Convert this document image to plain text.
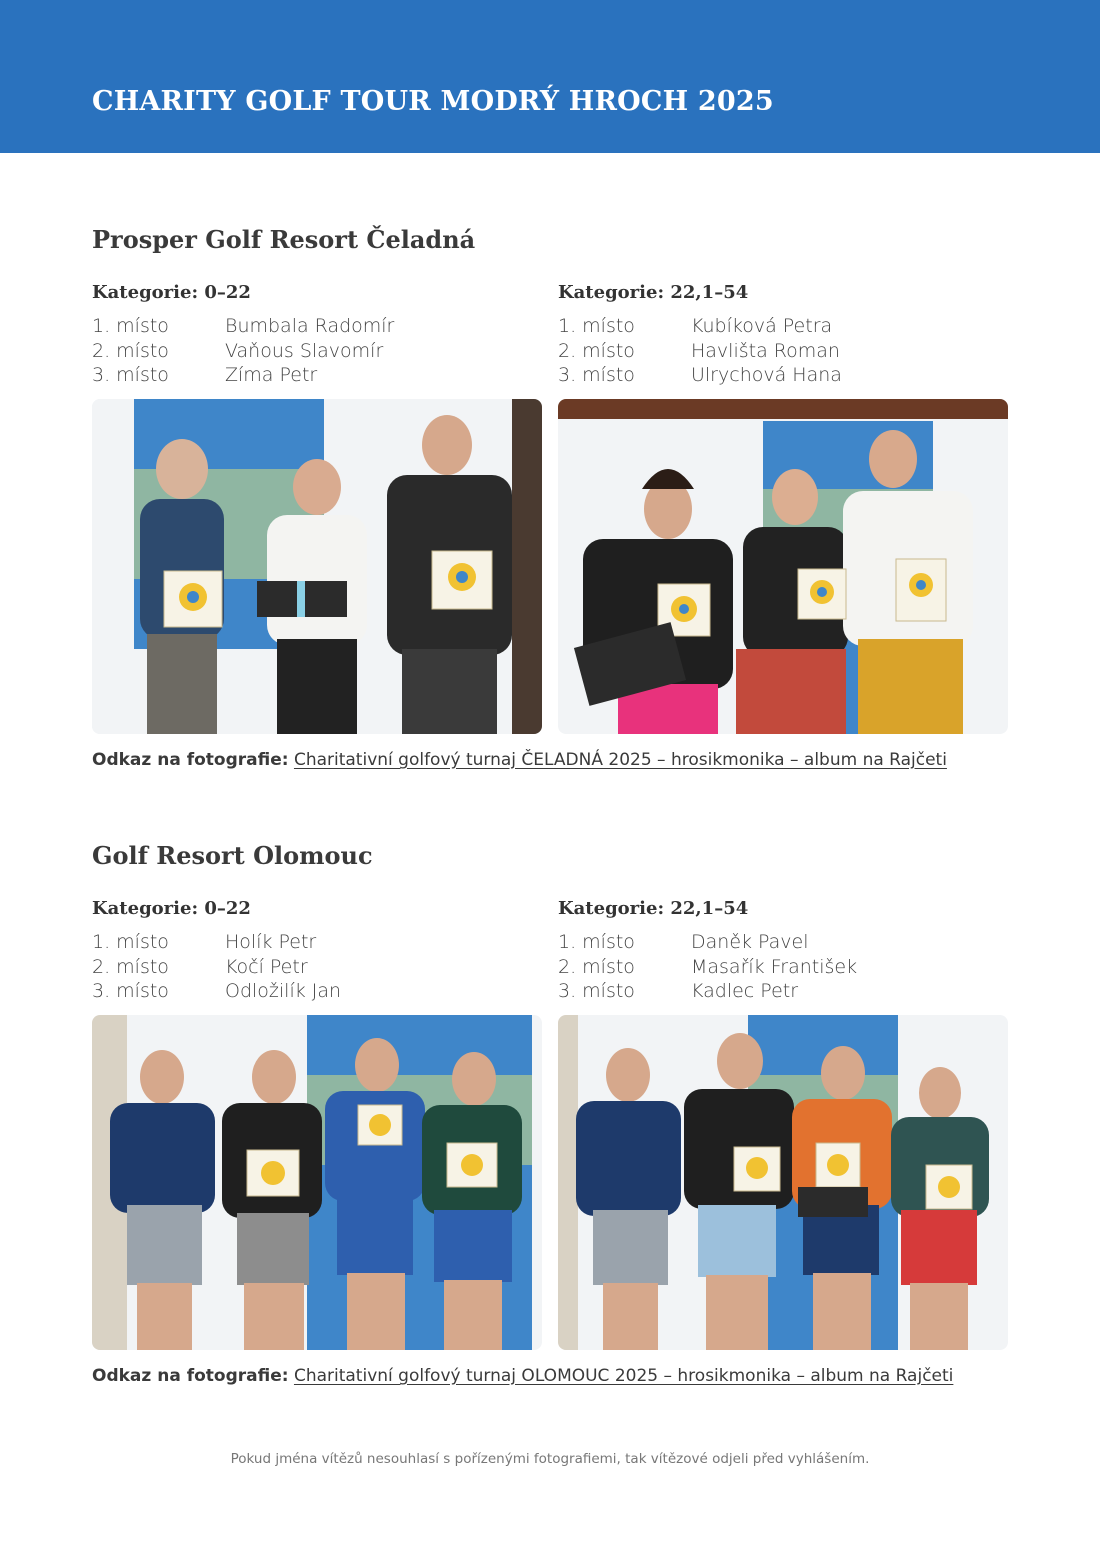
CHARITY GOLF TOUR MODRÝ HROCH 2025
Prosper Golf Resort Čeladná
Kategorie: 0–22
1. místo	Bumbala Radomír
2. místo	Vaňous Slavomír
3. místo	Zíma Petr
Kategorie: 22,1–54
1. místo	Kubíková Petra
2. místo	Havlišta Roman
3. místo	Ulrychová Hana
Odkaz na fotografie: Charitativní golfový turnaj ČELADNÁ 2025 – hrosikmonika – album na Rajčeti
Golf Resort Olomouc
Kategorie: 0–22
1. místo	Holík Petr
2. místo	Kočí Petr
3. místo	Odložilík Jan
Kategorie: 22,1–54
1. místo	Daněk Pavel
2. místo	Masařík František
3. místo	Kadlec Petr
Odkaz na fotografie: Charitativní golfový turnaj OLOMOUC 2025 – hrosikmonika – album na Rajčeti
Pokud jména vítězů nesouhlasí s pořízenými fotografiemi, tak vítězové odjeli před vyhlášením.
